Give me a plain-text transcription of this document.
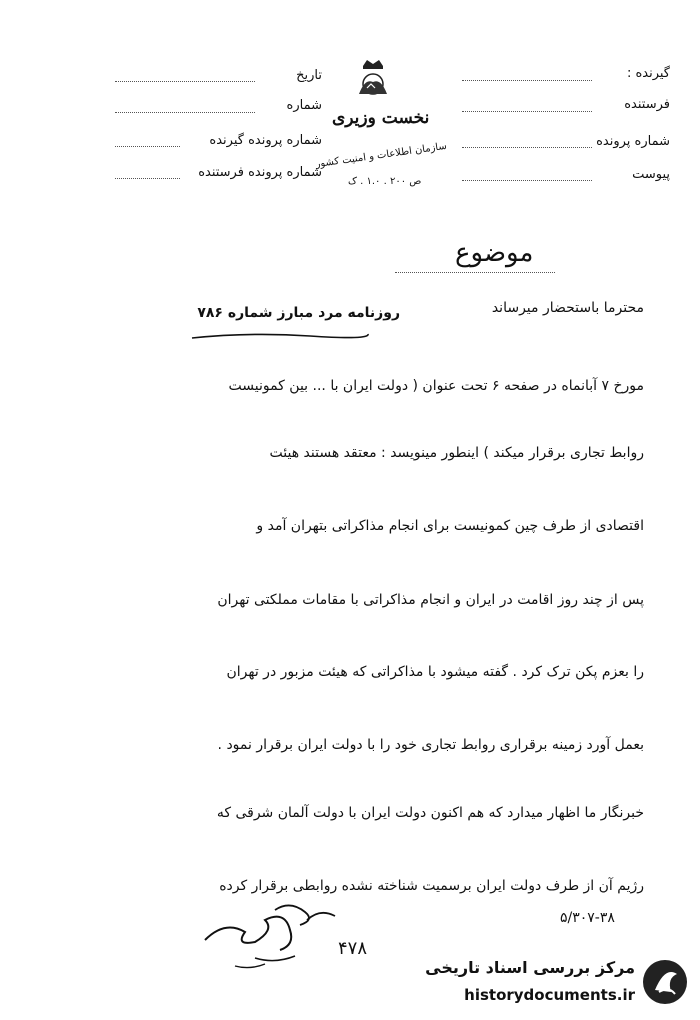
گیرنده :
فرستنده
شماره پرونده
پیوست
تاریخ
شماره
شماره پرونده گیرنده
شماره پرونده فرستنده
نخست وزیری
سازمان اطلاعات و امنیت کشور
ص ۲۰۰ . ۱.۰ . ک
موضوع
محترما باستحضار میرساند
روزنامه مرد مبارز شماره ۷۸۶
مورخ ۷ آبانماه در صفحه ۶ تحت عنوان ( دولت ایران با ... بین کمونیست
روابط تجاری برقرار میکند ) اینطور مینویسد : معتقد هستند هیئت
اقتصادی از طرف چین کمونیست برای انجام مذاکراتی بتهران آمد و
پس از چند روز اقامت در ایران و انجام مذاکراتی با مقامات مملکتی تهران
را بعزم پکن ترک کرد . گفته میشود با مذاکراتی که هیئت مزبور در تهران
بعمل آورد زمینه برقراری روابط تجاری خود را با دولت ایران برقرار نمود .
خبرنگار ما اظهار میدارد که هم اکنون دولت ایران با دولت آلمان شرقی که
رژیم آن از طرف دولت ایران برسمیت شناخته نشده روابطی برقرار کرده
۵/۳۰۷-۳۸
۴۷۸
مرکز بررسی اسناد تاریخی
historydocuments.ir
